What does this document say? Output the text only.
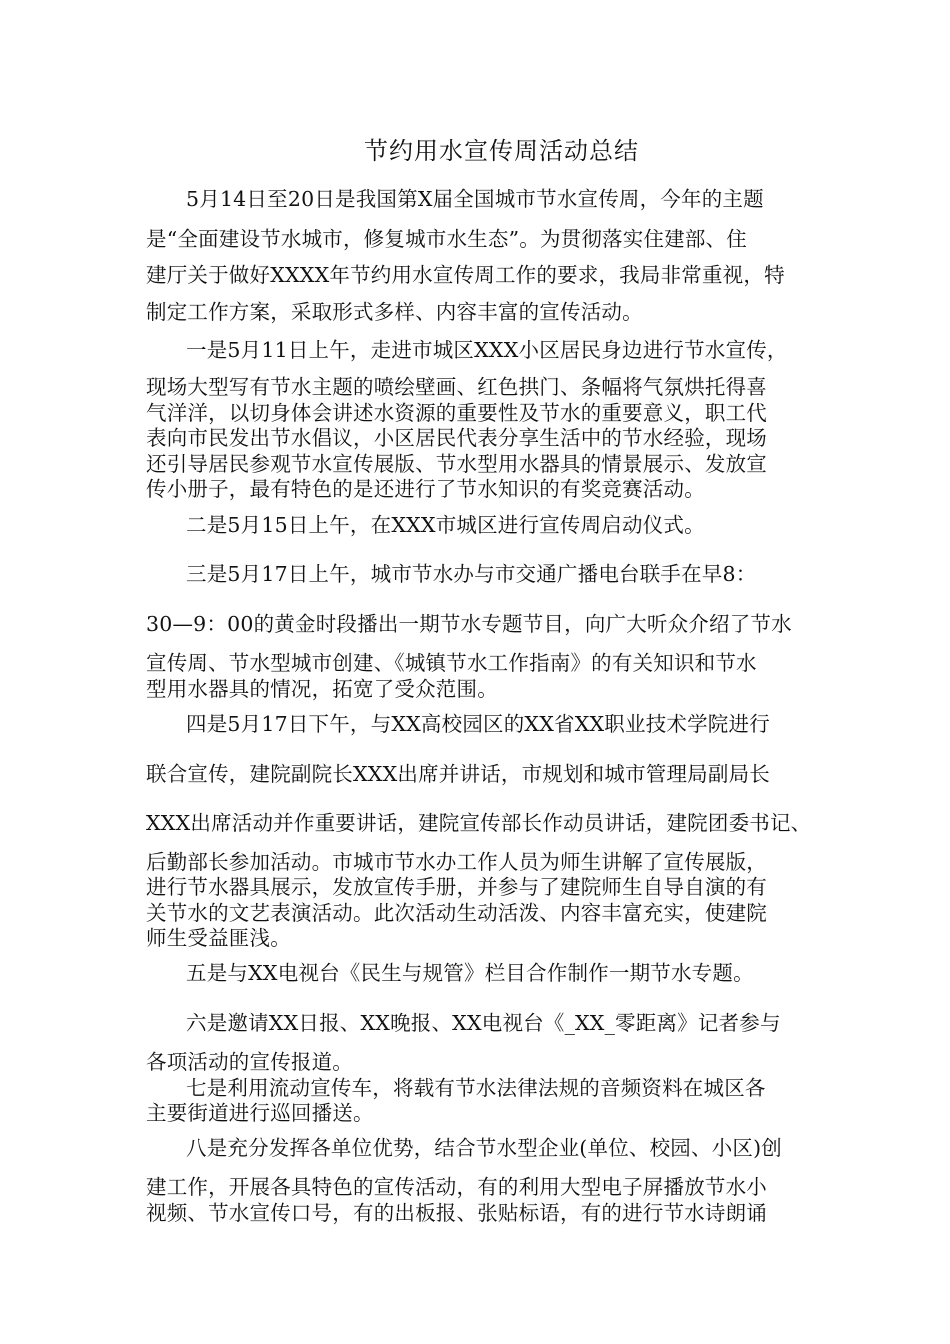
节约用水宣传周活动总结
5月14日至20日是我国第X届全国城市节水宣传周，今年的主题
是“全面建设节水城市，修复城市水生态”。为贯彻落实住建部、住
建厅关于做好XXXX年节约用水宣传周工作的要求，我局非常重视，特
制定工作方案，采取形式多样、内容丰富的宣传活动。
一是5月11日上午，走进市城区XXX小区居民身边进行节水宣传，
现场大型写有节水主题的喷绘壁画、红色拱门、条幅将气氛烘托得喜
气洋洋，以切身体会讲述水资源的重要性及节水的重要意义，职工代
表向市民发出节水倡议，小区居民代表分享生活中的节水经验，现场
还引导居民参观节水宣传展版、节水型用水器具的情景展示、发放宣
传小册子，最有特色的是还进行了节水知识的有奖竞赛活动。
二是5月15日上午，在XXX市城区进行宣传周启动仪式。
三是5月17日上午，城市节水办与市交通广播电台联手在早8：
30—9：00的黄金时段播出一期节水专题节目，向广大听众介绍了节水
宣传周、节水型城市创建、《城镇节水工作指南》的有关知识和节水
型用水器具的情况，拓宽了受众范围。
四是5月17日下午，与XX高校园区的XX省XX职业技术学院进行
联合宣传，建院副院长XXX出席并讲话，市规划和城市管理局副局长
XXX出席活动并作重要讲话，建院宣传部长作动员讲话，建院团委书记、
后勤部长参加活动。市城市节水办工作人员为师生讲解了宣传展版，
进行节水器具展示，发放宣传手册，并参与了建院师生自导自演的有
关节水的文艺表演活动。此次活动生动活泼、内容丰富充实，使建院
师生受益匪浅。
五是与XX电视台《民生与规管》栏目合作制作一期节水专题。
六是邀请XX日报、XX晚报、XX电视台《_XX_零距离》记者参与
各项活动的宣传报道。
七是利用流动宣传车，将载有节水法律法规的音频资料在城区各
主要街道进行巡回播送。
八是充分发挥各单位优势，结合节水型企业(单位、校园、小区)创
建工作，开展各具特色的宣传活动，有的利用大型电子屏播放节水小
视频、节水宣传口号，有的出板报、张贴标语，有的进行节水诗朗诵
